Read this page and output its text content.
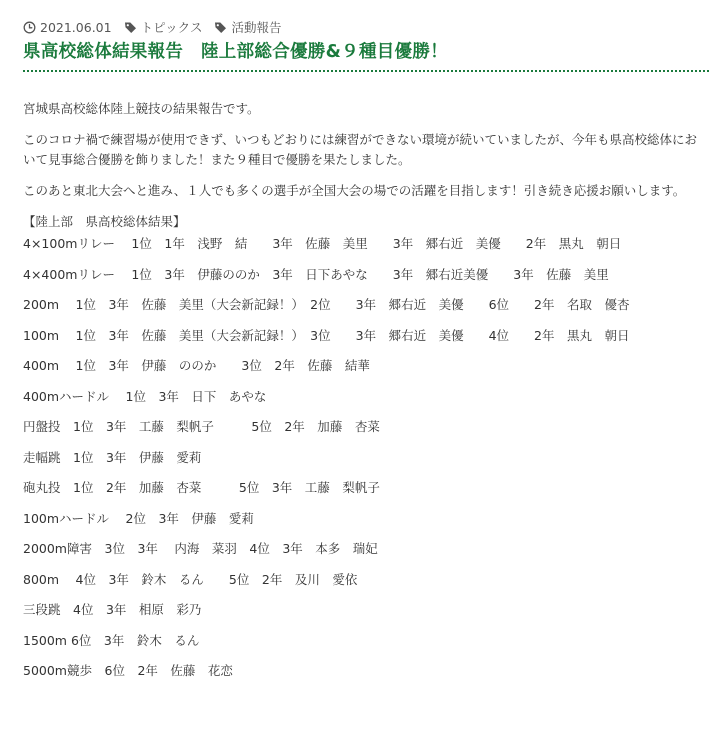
2021.06.01 トピックス 活動報告
県高校総体結果報告　陸上部総合優勝&９種目優勝！

宮城県高校総体陸上競技の結果報告です。

このコロナ禍で練習場が使用できず、いつもどおりには練習ができない環境が続いていましたが、今年も県高校総体において見事総合優勝を飾りました！また９種目で優勝を果たしました。

このあと東北大会へと進み、１人でも多くの選手が全国大会の場での活躍を目指します！引き続き応援お願いします。

【陸上部　県高校総体結果】

4×100mリレー　 1位　1年　浅野　結　　3年　佐藤　美里　　3年　郷右近　美優　　2年　黒丸　朝日
4×400mリレー　 1位　3年　伊藤ののか　3年　日下あやな　　3年　郷右近美優　　3年　佐藤　美里
200m　 1位　3年　佐藤　美里（大会新記録！）　2位　　3年　郷右近　美優　　6位　　2年　名取　優杏
100m　 1位　3年　佐藤　美里（大会新記録！）　3位　　3年　郷右近　美優　　4位　　2年　黒丸　朝日
400m　 1位　3年　伊藤　ののか　　3位　2年　佐藤　結華
400mハードル　 1位　3年　日下　あやな
円盤投　1位　3年　工藤　梨帆子　　　5位　2年　加藤　杏菜
走幅跳　1位　3年　伊藤　愛莉
砲丸投　1位　2年　加藤　杏菜　　　5位　3年　工藤　梨帆子
100mハードル　 2位　3年　伊藤　愛莉
2000m障害　3位　3年　 内海　菜羽　4位　3年　本多　瑞妃
800m　 4位　3年　鈴木　るん　　5位　2年　及川　愛依
三段跳　4位　3年　相原　彩乃
1500m 6位　3年　鈴木　るん
5000m競歩　6位　2年　佐藤　花恋
